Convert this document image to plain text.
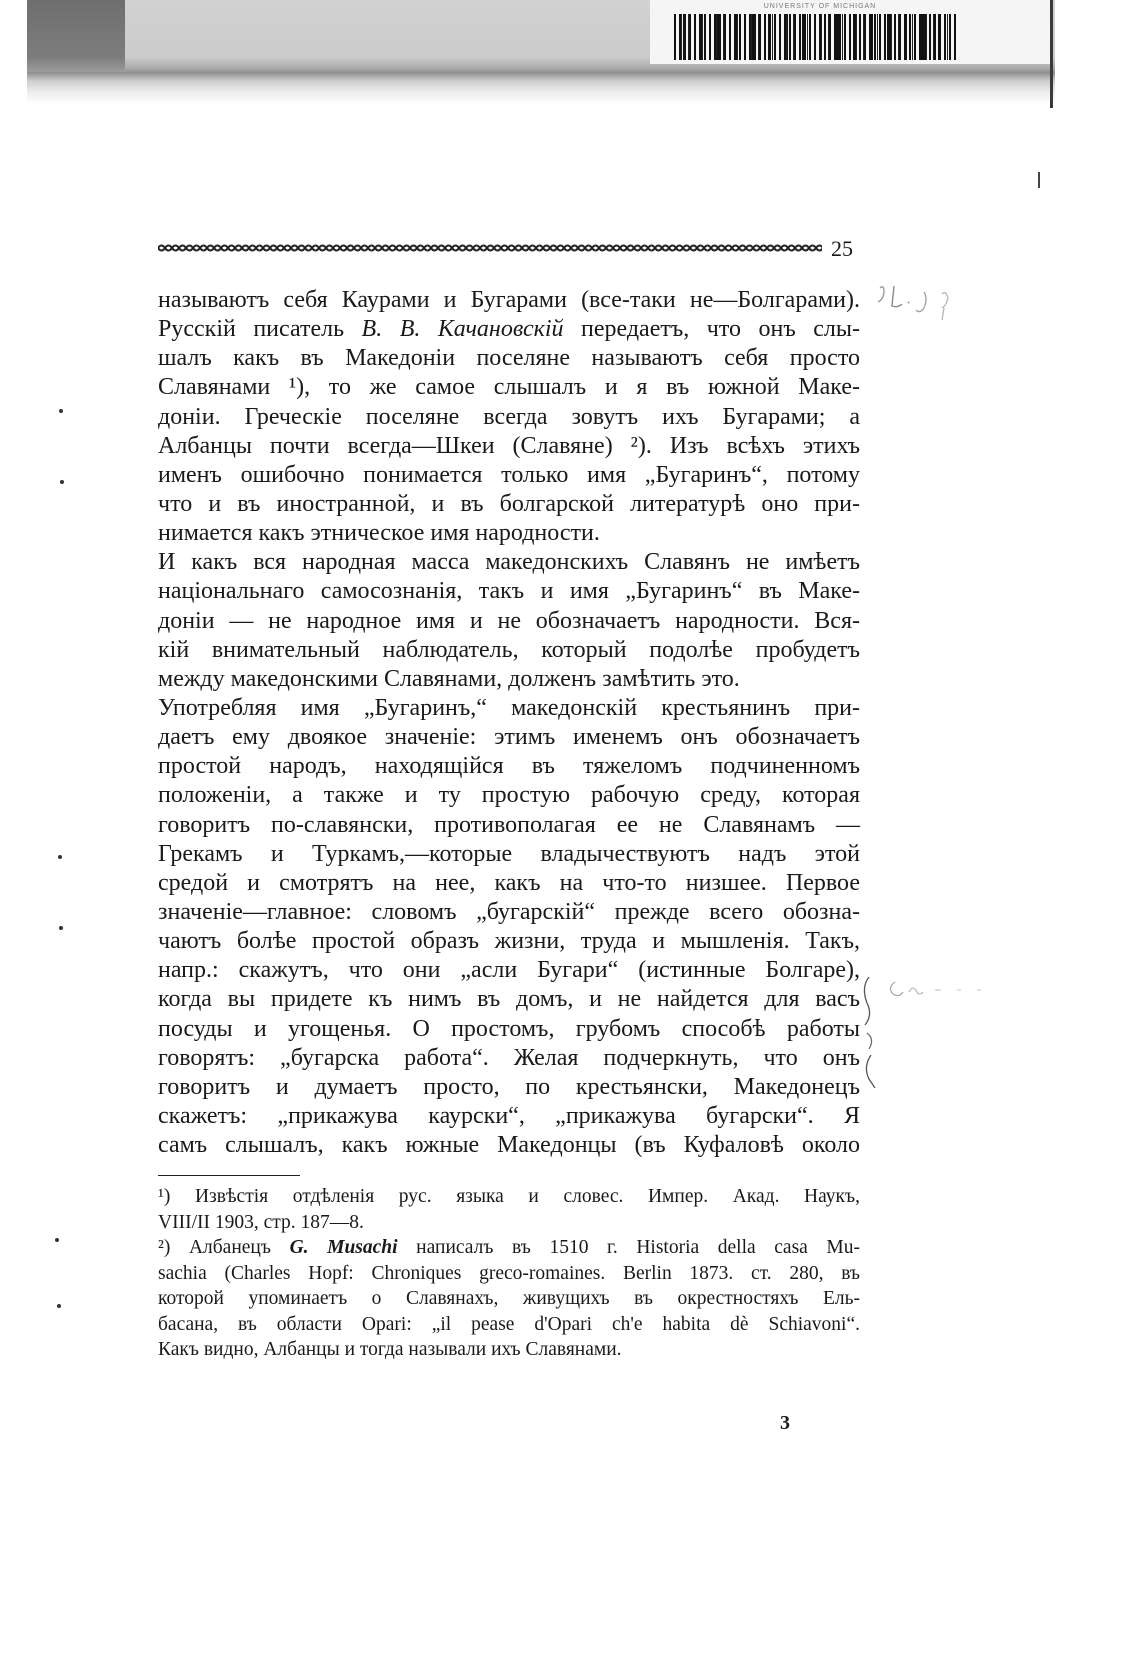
UNIVERSITY OF MICHIGAN
25
называютъ себя Каурами и Бугарами (все-таки не—Болгарами).
Русскій писатель В. В. Качановскій передаетъ, что онъ слы-
шалъ какъ въ Македоніи поселяне называютъ себя просто
Славянами ¹), то же самое слышалъ и я въ южной Маке-
доніи. Греческіе поселяне всегда зовутъ ихъ Бугарами; а
Албанцы почти всегда—Шкеи (Славяне) ²). Изъ всѣхъ этихъ
именъ ошибочно понимается только имя „Бугаринъ“, потому
что и въ иностранной, и въ болгарской литературѣ оно при-
нимается какъ этническое имя народности.
И какъ вся народная масса македонскихъ Славянъ не имѣетъ
національнаго самосознанія, такъ и имя „Бугаринъ“ въ Маке-
доніи — не народное имя и не обозначаетъ народности. Вся-
кій внимательный наблюдатель, который подолѣе пробудетъ
между македонскими Славянами, долженъ замѣтить это.
Употребляя имя „Бугаринъ,“ македонскій крестьянинъ при-
даетъ ему двоякое значеніе: этимъ именемъ онъ обозначаетъ
простой народъ, находящійся въ тяжеломъ подчиненномъ
положеніи, а также и ту простую рабочую среду, которая
говоритъ по-славянски, противополагая ее не Славянамъ —
Грекамъ и Туркамъ,—которые владычествуютъ надъ этой
средой и смотрятъ на нее, какъ на что-то низшее. Первое
значеніе—главное: словомъ „бугарскій“ прежде всего обозна-
чаютъ болѣе простой образъ жизни, труда и мышленія. Такъ,
напр.: скажутъ, что они „асли Бугари“ (истинные Болгаре),
когда вы придете къ нимъ въ домъ, и не найдется для васъ
посуды и угощенья. О простомъ, грубомъ способѣ работы
говорятъ: „бугарска работа“. Желая подчеркнуть, что онъ
говоритъ и думаетъ просто, по крестьянски, Македонецъ
скажетъ: „прикажува каурски“, „прикажува бугарски“. Я
самъ слышалъ, какъ южные Македонцы (въ Куфаловѣ около
¹) Извѣстія отдѣленія рус. языка и словес. Импер. Акад. Наукъ,
VIII/II 1903, стр. 187—8.
²) Албанецъ G. Musachi написалъ въ 1510 г. Historia della casa Mu-
sachia (Charles Hopf: Chroniques greco-romaines. Berlin 1873. ст. 280, въ
которой упоминаетъ о Славянахъ, живущихъ въ окрестностяхъ Ель-
басана, въ области Opari: „il pease d'Opari ch'e habita dè Schiavoni“.
Какъ видно, Албанцы и тогда называли ихъ Славянами.
3
